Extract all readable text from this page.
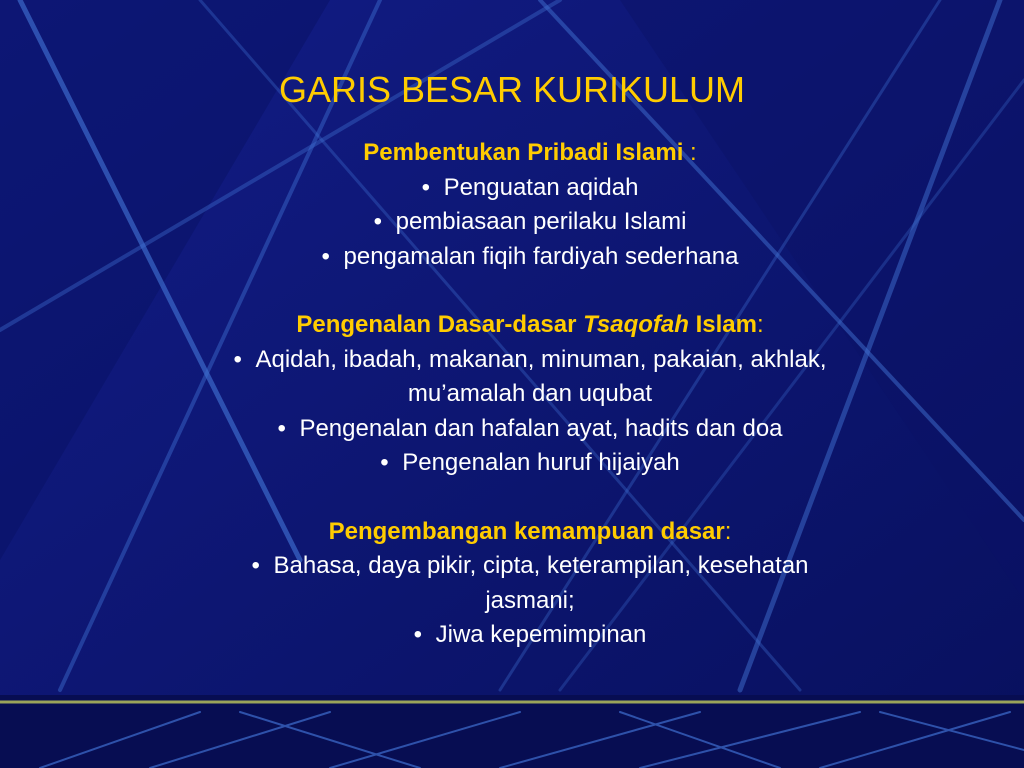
GARIS BESAR KURIKULUM
Pembentukan Pribadi Islami :
• Penguatan aqidah
• pembiasaan perilaku Islami
• pengamalan fiqih fardiyah sederhana
Pengenalan Dasar-dasar Tsaqofah Islam:
• Aqidah, ibadah, makanan, minuman, pakaian, akhlak,
mu’amalah dan uqubat
• Pengenalan dan hafalan ayat, hadits dan doa
• Pengenalan huruf hijaiyah
Pengembangan kemampuan dasar:
• Bahasa, daya pikir, cipta, keterampilan, kesehatan
jasmani;
• Jiwa kepemimpinan
